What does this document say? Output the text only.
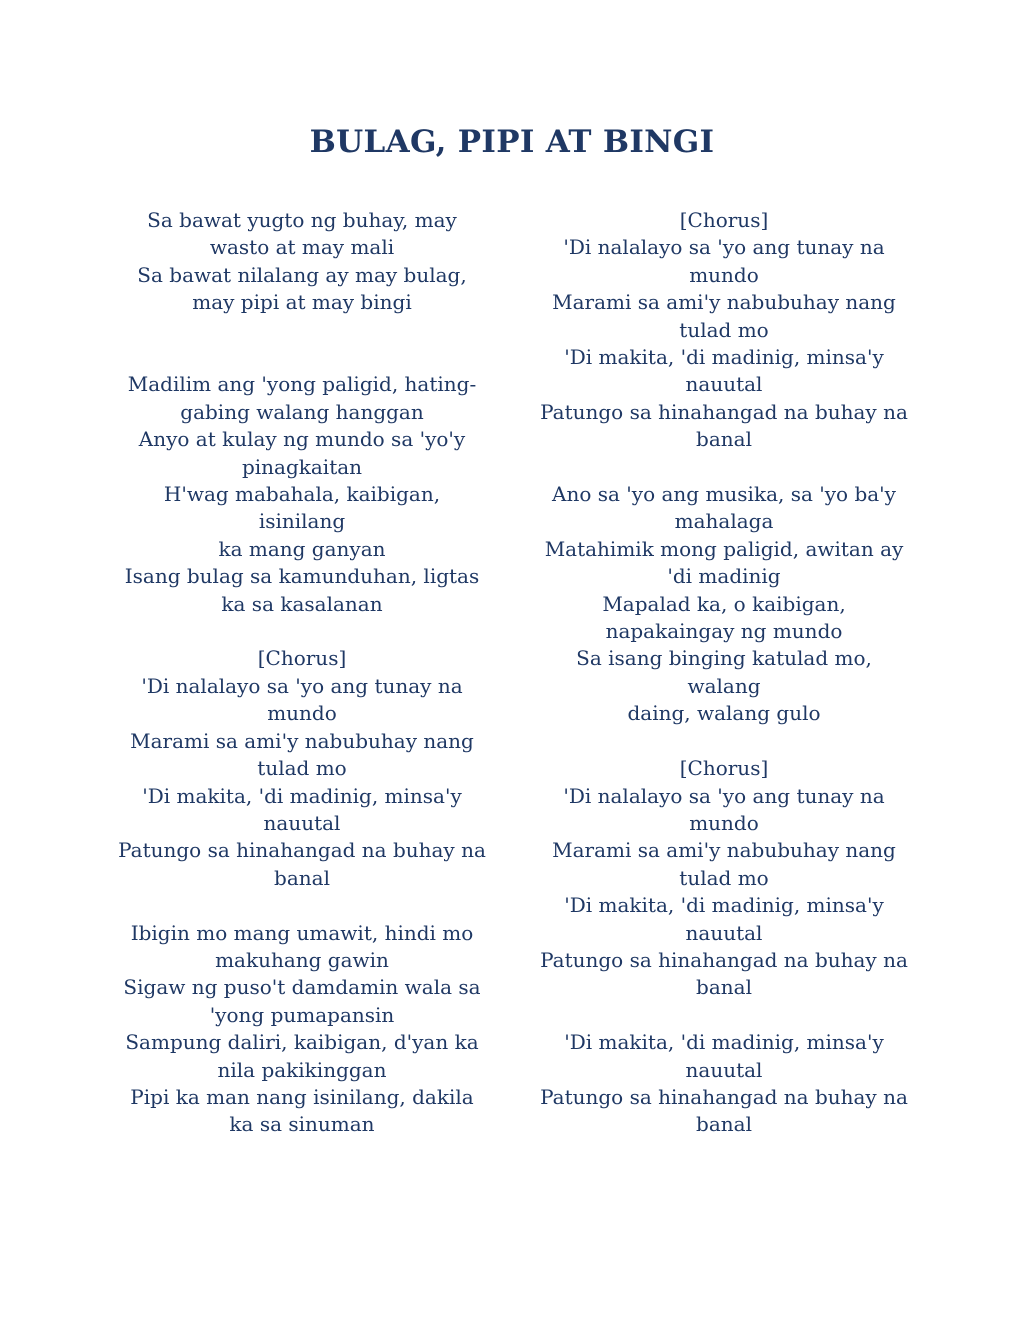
BULAG, PIPI AT BINGI

Sa bawat yugto ng buhay, may
wasto at may mali
Sa bawat nilalang ay may bulag,
may pipi at may bingi

Madilim ang 'yong paligid, hating-
gabing walang hanggan
Anyo at kulay ng mundo sa 'yo'y
pinagkaitan
H'wag mabahala, kaibigan, isinilang
ka mang ganyan
Isang bulag sa kamunduhan, ligtas
ka sa kasalanan

[Chorus]
'Di nalalayo sa 'yo ang tunay na
mundo
Marami sa ami'y nabubuhay nang
tulad mo
'Di makita, 'di madinig, minsa'y
nauutal
Patungo sa hinahangad na buhay na
banal

Ibigin mo mang umawit, hindi mo
makuhang gawin
Sigaw ng puso't damdamin wala sa
'yong pumapansin
Sampung daliri, kaibigan, d'yan ka
nila pakikinggan
Pipi ka man nang isinilang, dakila
ka sa sinuman

[Chorus]
'Di nalalayo sa 'yo ang tunay na
mundo
Marami sa ami'y nabubuhay nang
tulad mo
'Di makita, 'di madinig, minsa'y
nauutal
Patungo sa hinahangad na buhay na
banal

Ano sa 'yo ang musika, sa 'yo ba'y
mahalaga
Matahimik mong paligid, awitan ay
'di madinig
Mapalad ka, o kaibigan,
napakaingay ng mundo
Sa isang binging katulad mo, walang
daing, walang gulo

[Chorus]
'Di nalalayo sa 'yo ang tunay na
mundo
Marami sa ami'y nabubuhay nang
tulad mo
'Di makita, 'di madinig, minsa'y
nauutal
Patungo sa hinahangad na buhay na
banal

'Di makita, 'di madinig, minsa'y
nauutal
Patungo sa hinahangad na buhay na
banal
